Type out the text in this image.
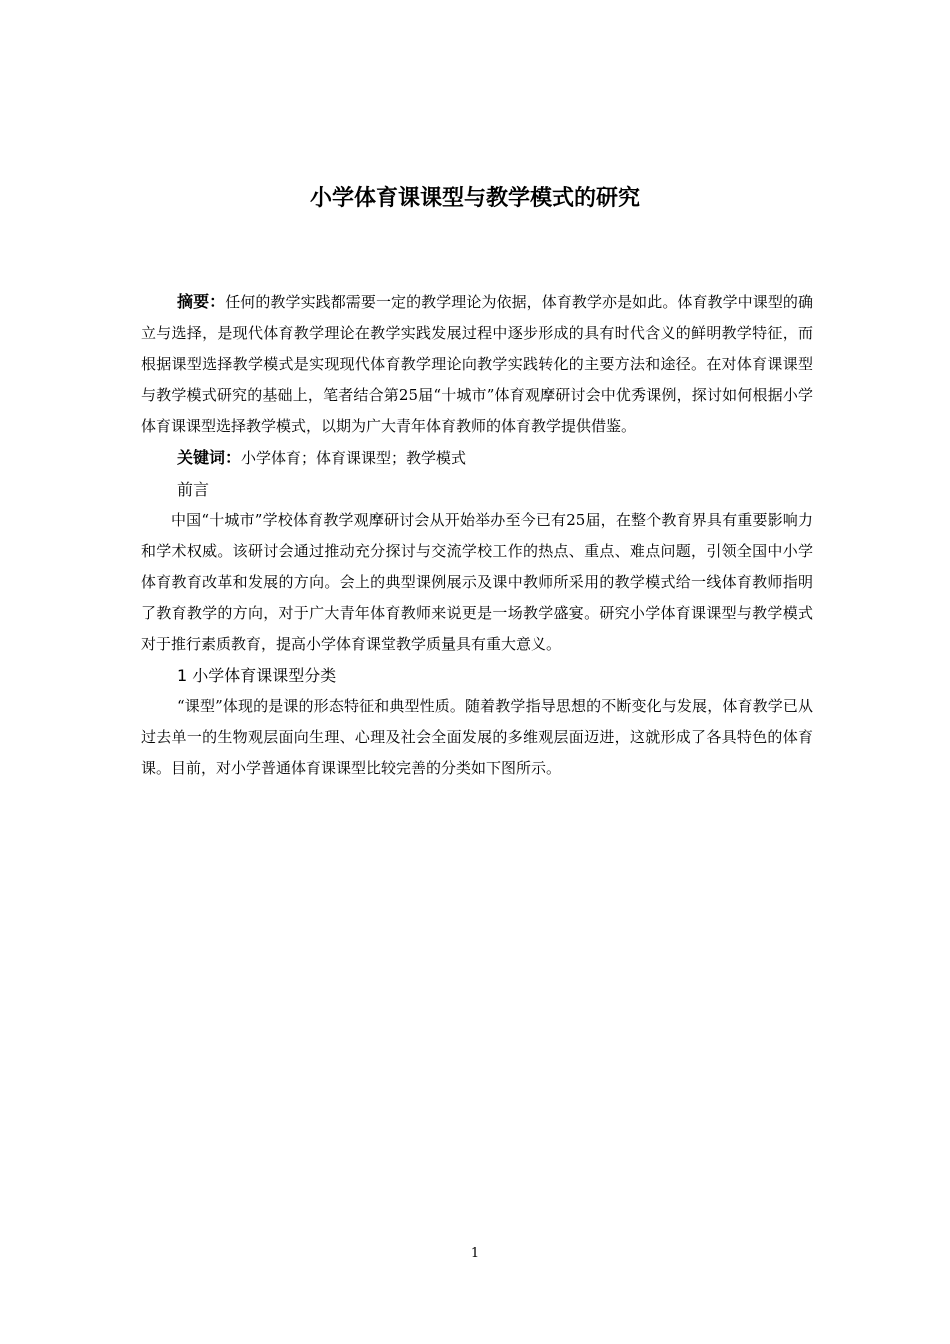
小学体育课课型与教学模式的研究

摘要：任何的教学实践都需要一定的教学理论为依据，体育教学亦是如此。体育教学中课型的确立与选择，是现代体育教学理论在教学实践发展过程中逐步形成的具有时代含义的鲜明教学特征，而根据课型选择教学模式是实现现代体育教学理论向教学实践转化的主要方法和途径。在对体育课课型与教学模式研究的基础上，笔者结合第25届“十城市”体育观摩研讨会中优秀课例，探讨如何根据小学体育课课型选择教学模式，以期为广大青年体育教师的体育教学提供借鉴。

关键词：小学体育；体育课课型；教学模式

前言

中国“十城市”学校体育教学观摩研讨会从开始举办至今已有25届，在整个教育界具有重要影响力和学术权威。该研讨会通过推动充分探讨与交流学校工作的热点、重点、难点问题，引领全国中小学体育教育改革和发展的方向。会上的典型课例展示及课中教师所采用的教学模式给一线体育教师指明了教育教学的方向，对于广大青年体育教师来说更是一场教学盛宴。研究小学体育课课型与教学模式对于推行素质教育，提高小学体育课堂教学质量具有重大意义。

1 小学体育课课型分类

“课型”体现的是课的形态特征和典型性质。随着教学指导思想的不断变化与发展，体育教学已从过去单一的生物观层面向生理、心理及社会全面发展的多维观层面迈进，这就形成了各具特色的体育课。目前，对小学普通体育课课型比较完善的分类如下图所示。

1
